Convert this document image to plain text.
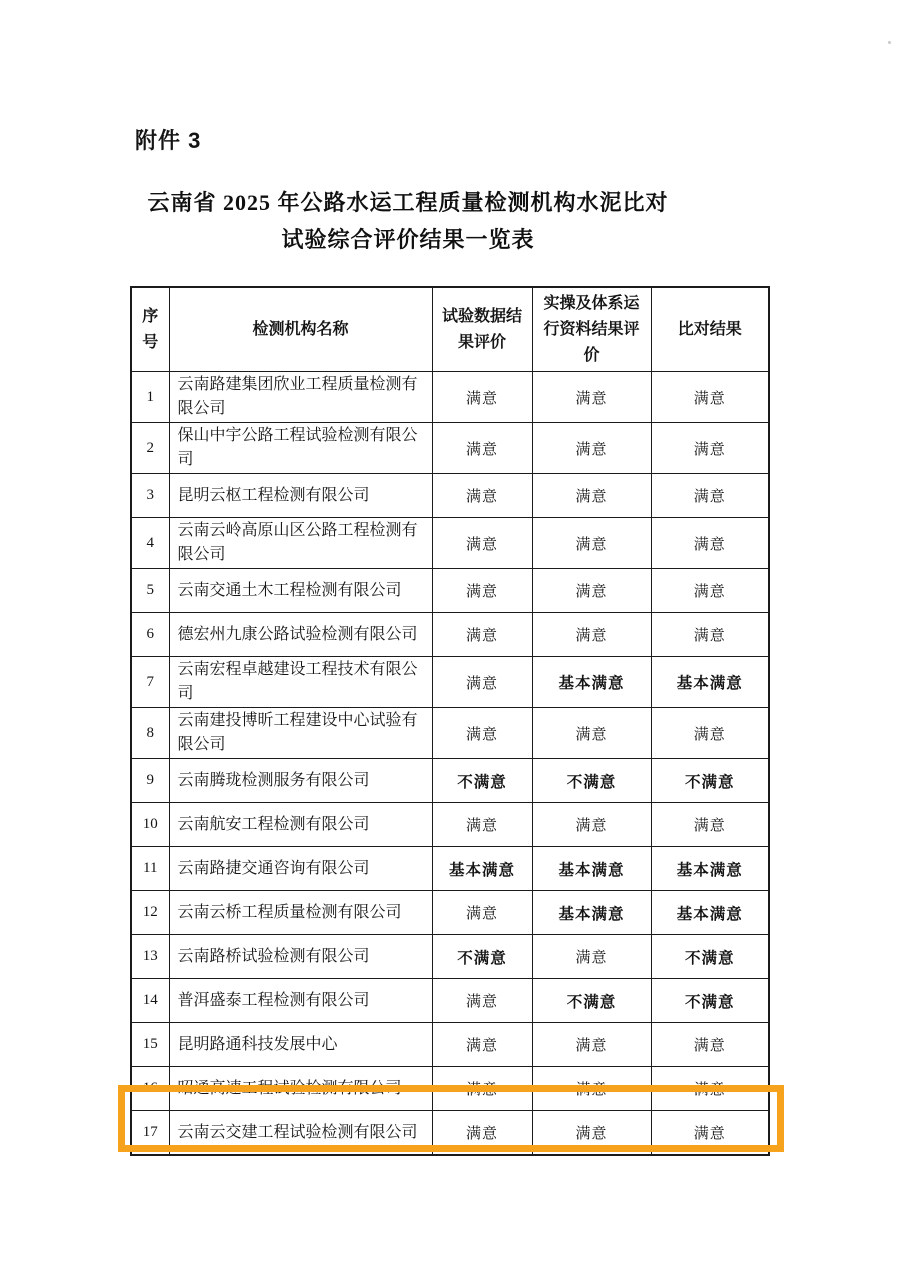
附件 3
云南省 2025 年公路水运工程质量检测机构水泥比对
试验综合评价结果一览表
序号	检测机构名称	试验数据结果评价	实操及体系运行资料结果评价	比对结果
1	云南路建集团欣业工程质量检测有限公司	满意	满意	满意
2	保山中宇公路工程试验检测有限公司	满意	满意	满意
3	昆明云枢工程检测有限公司	满意	满意	满意
4	云南云岭高原山区公路工程检测有限公司	满意	满意	满意
5	云南交通土木工程检测有限公司	满意	满意	满意
6	德宏州九康公路试验检测有限公司	满意	满意	满意
7	云南宏程卓越建设工程技术有限公司	满意	基本满意	基本满意
8	云南建投博昕工程建设中心试验有限公司	满意	满意	满意
9	云南腾珑检测服务有限公司	不满意	不满意	不满意
10	云南航安工程检测有限公司	满意	满意	满意
11	云南路捷交通咨询有限公司	基本满意	基本满意	基本满意
12	云南云桥工程质量检测有限公司	满意	基本满意	基本满意
13	云南路桥试验检测有限公司	不满意	满意	不满意
14	普洱盛泰工程检测有限公司	满意	不满意	不满意
15	昆明路通科技发展中心	满意	满意	满意
16	昭通高速工程试验检测有限公司	满意	满意	满意
17	云南云交建工程试验检测有限公司	满意	满意	满意
